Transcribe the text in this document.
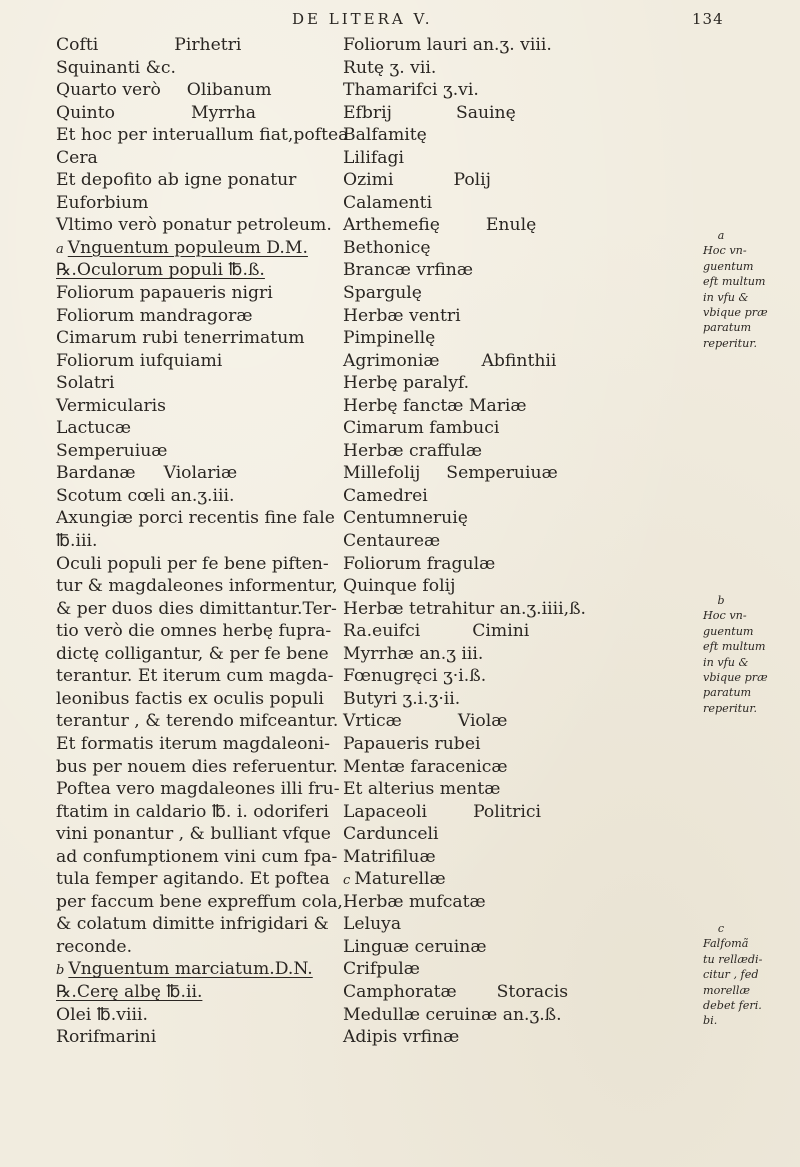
DE LITERA V.	134
Cofti	Pirhetri
Squinanti &c.
Quarto verò Olibanum
Quinto	Myrrha
Et hoc per interuallum fiat,poftea
Cera
Et depofito ab igne ponatur
Euforbium
Vltimo verò ponatur petroleum.
a Vnguentum populeum D.M.
℞.Oculorum populi ℔.ß.
Foliorum papaueris nigri
Foliorum mandragoræ
Cimarum rubi tenerrimatum
Foliorum iufquiami
Solatri
Vermicularis
Lactucæ
Semperuiuæ
Bardanæ Violariæ
Scotum cœli an.ʒ.iii.
Axungiæ porci recentis fine fale
℔.iii.
Oculi populi per fe bene piften-
tur & magdaleones informentur,
& per duos dies dimittantur.Ter-
tio verò die omnes herbę fupra-
dictę colligantur, & per fe bene
terantur. Et iterum cum magda-
leonibus factis ex oculis populi
terantur , & terendo mifceantur.
Et formatis iterum magdaleoni-
bus per nouem dies referuentur.
Poftea vero magdaleones illi fru-
ftatim in caldario ℔. i. odoriferi
vini ponantur , & bulliant vfque
ad confumptionem vini cum fpa-
tula femper agitando. Et poftea
per faccum bene expreffum cola,
& colatum dimitte infrigidari &
reconde.
b Vnguentum marciatum.D.N.
℞.Cerę albę ℔.ii.
Olei ℔.viii.
Rorifmarini
Foliorum lauri an.ʒ. viii.
Rutę ʒ. vii.
Thamarifci ʒ.vi.
Efbrij	Sauinę
Balfamitę
Lilifagi
Ozimi	Polij
Calamenti
Arthemefię	Enulę
Bethonicę
Brancæ vrfinæ
Spargulę
Herbæ ventri
Pimpinellę
Agrimoniæ Abfinthii
Herbę paralyf.
Herbę fanctæ Mariæ
Cimarum fambuci
Herbæ craffulæ
Millefolij Semperuiuæ
Camedrei
Centumneruię
Centaureæ
Foliorum fragulæ
Quinque folij
Herbæ tetrahitur an.ʒ.iiii,ß.
Ra.euifci	Cimini
Myrrhæ an.ʒ iii.
Fœnugręci ʒ·i.ß.
Butyri ʒ.i.ʒ·ii.
Vrticæ	Violæ
Papaueris rubei
Mentæ faracenicæ
Et alterius mentæ
Lapaceoli	Politrici
Cardunceli
Matrifiluæ
c Maturellæ
Herbæ mufcatæ
Leluya
Linguæ ceruinæ
Crifpulæ
Camphoratæ Storacis
Medullæ ceruinæ an.ʒ.ß.
Adipis vrfinæ
a
Hoc vn-
guentum
eft multum
in vfu &
vbique præ
paratum
reperitur.
b
Hoc vn-
guentum
eft multum
in vfu &
vbique præ
paratum
reperitur.
c
Falfomã
tu rellædi-
citur , fed
morellæ
debet feri.
bi.
